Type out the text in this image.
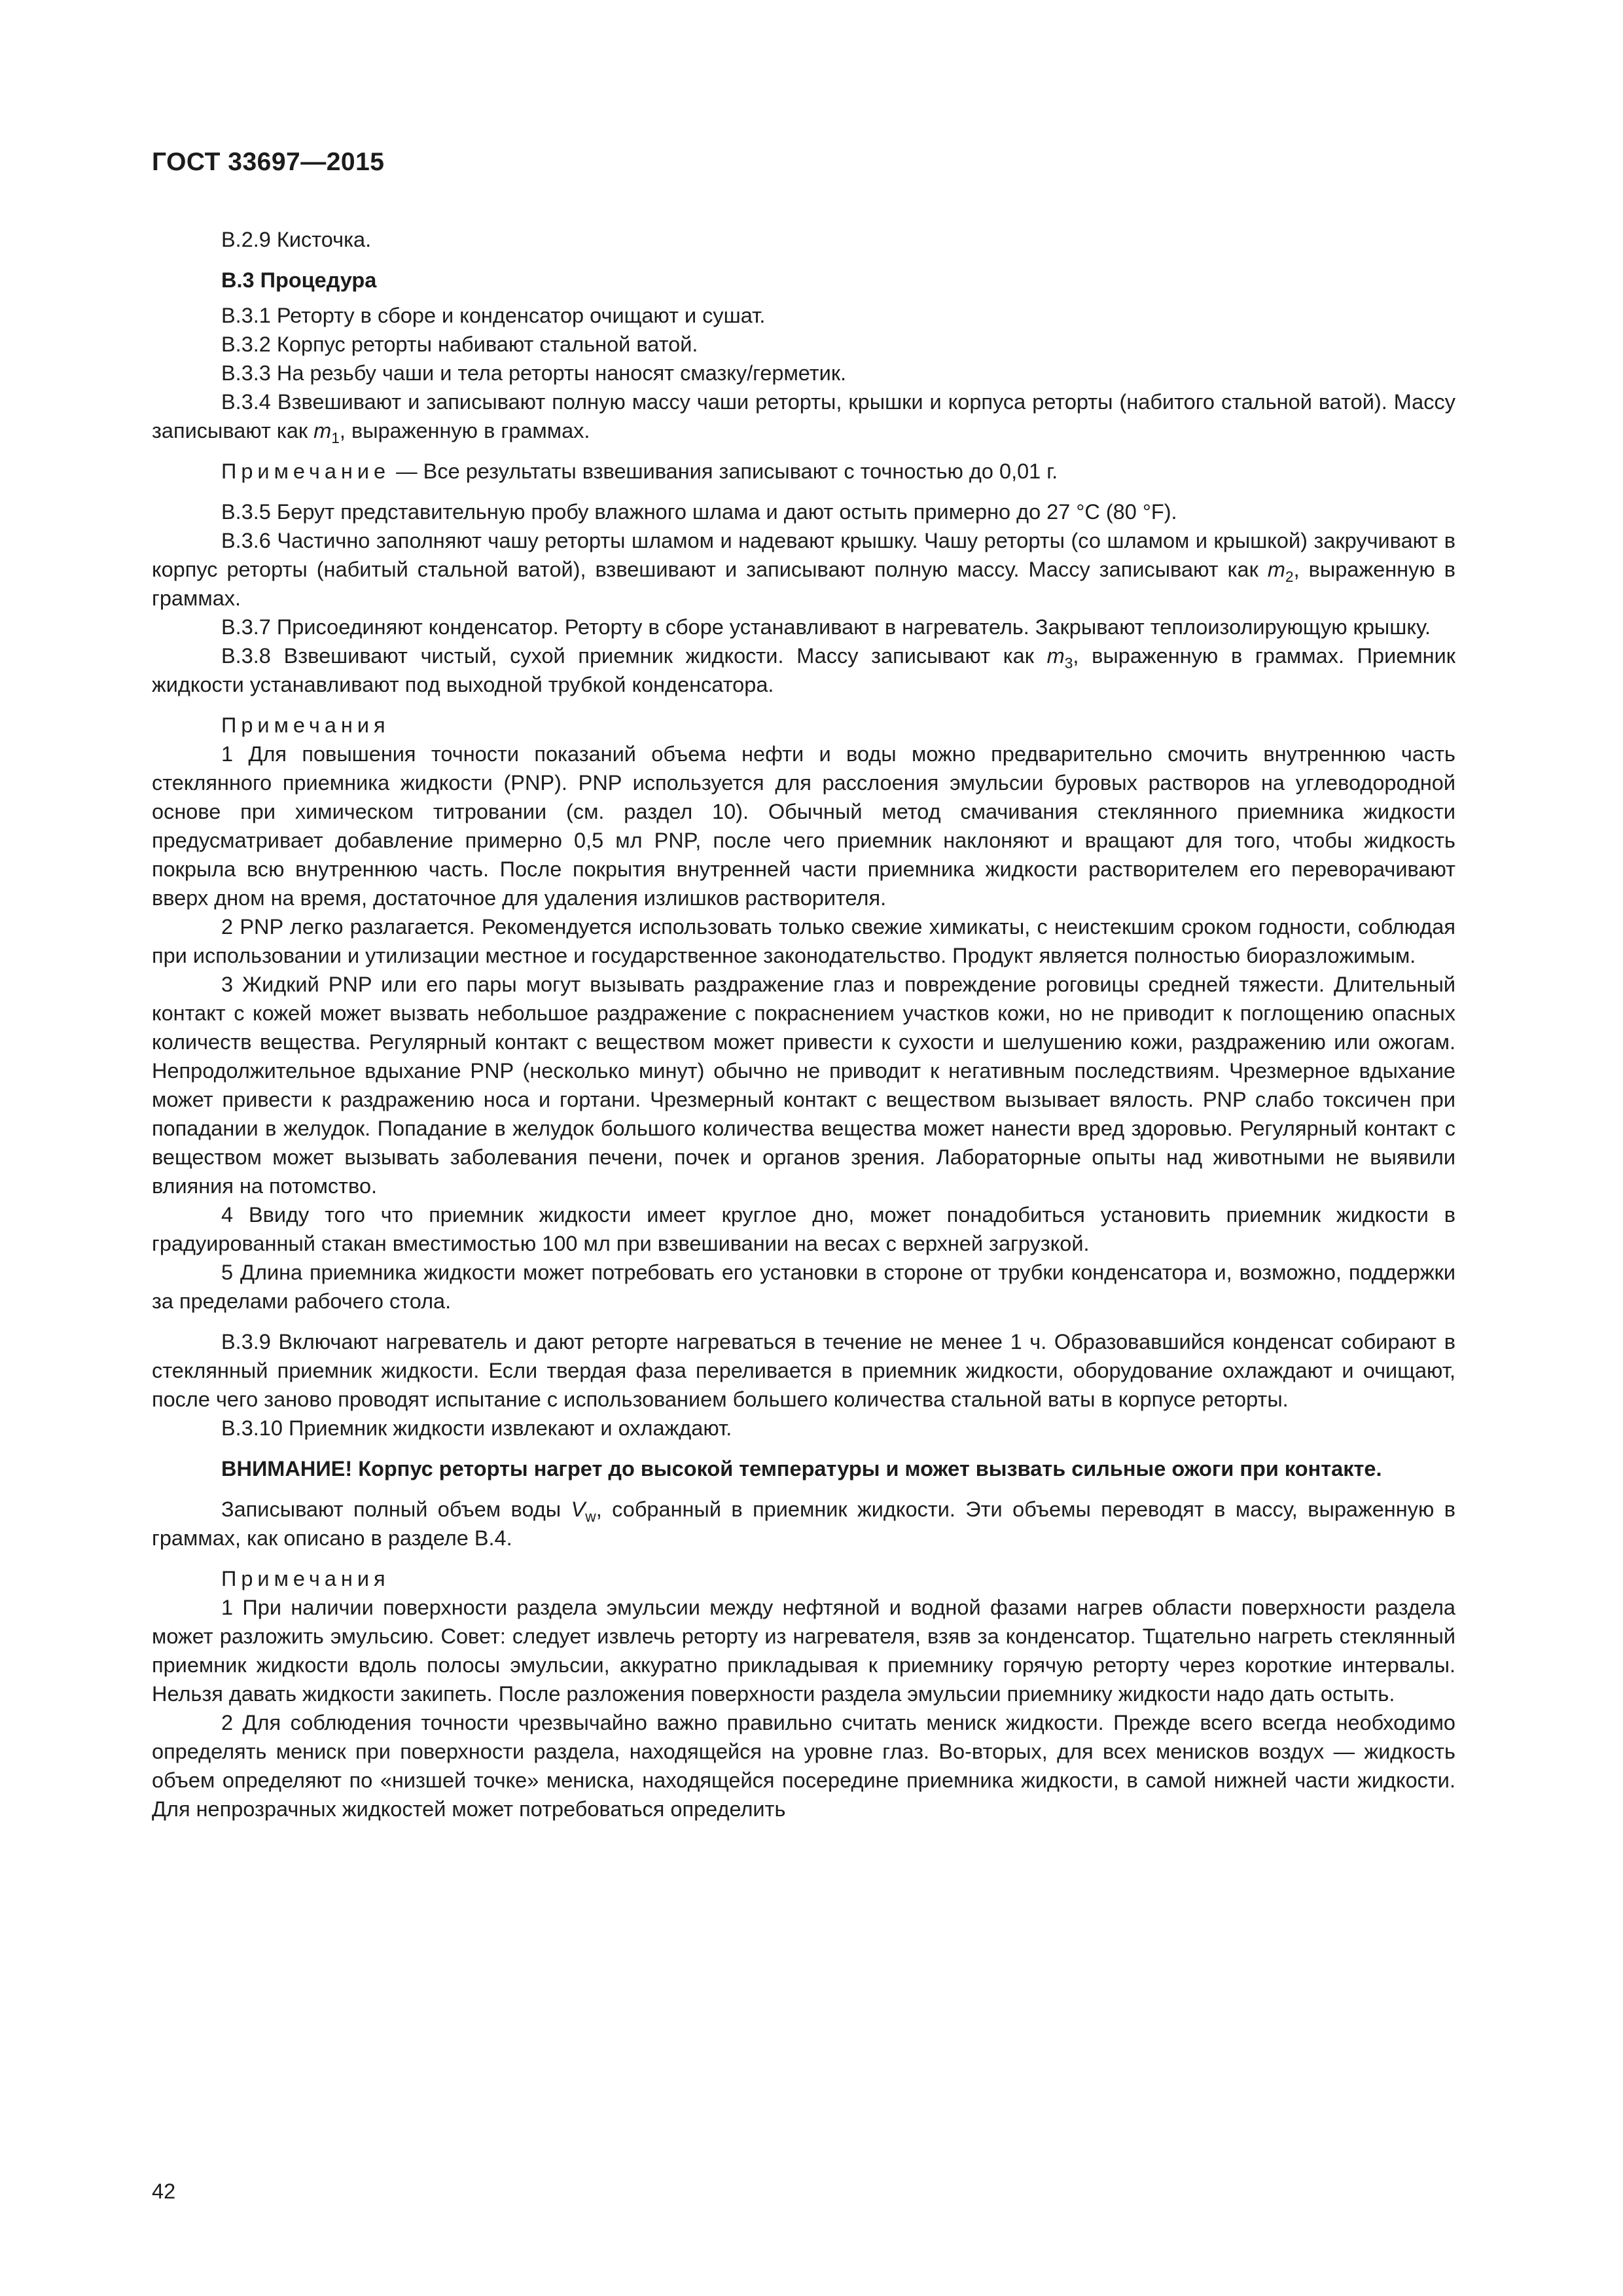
ГОСТ 33697—2015

В.2.9 Кисточка.

В.3 Процедура

В.3.1 Реторту в сборе и конденсатор очищают и сушат.

В.3.2 Корпус реторты набивают стальной ватой.

В.3.3 На резьбу чаши и тела реторты наносят смазку/герметик.

В.3.4 Взвешивают и записывают полную массу чаши реторты, крышки и корпуса реторты (набитого стальной ватой). Массу записывают как $m_1$, выраженную в граммах.

Примечание — Все результаты взвешивания записывают с точностью до 0,01 г.

В.3.5 Берут представительную пробу влажного шлама и дают остыть примерно до 27 °С (80 °F).

В.3.6 Частично заполняют чашу реторты шламом и надевают крышку. Чашу реторты (со шламом и крышкой) закручивают в корпус реторты (набитый стальной ватой), взвешивают и записывают полную массу. Массу записывают как $m_2$, выраженную в граммах.

В.3.7 Присоединяют конденсатор. Реторту в сборе устанавливают в нагреватель. Закрывают теплоизолирующую крышку.

В.3.8 Взвешивают чистый, сухой приемник жидкости. Массу записывают как $m_3$, выраженную в граммах. Приемник жидкости устанавливают под выходной трубкой конденсатора.

Примечания

1 Для повышения точности показаний объема нефти и воды можно предварительно смочить внутреннюю часть стеклянного приемника жидкости (PNP). PNP используется для расслоения эмульсии буровых растворов на углеводородной основе при химическом титровании (см. раздел 10). Обычный метод смачивания стеклянного приемника жидкости предусматривает добавление примерно 0,5 мл PNP, после чего приемник наклоняют и вращают для того, чтобы жидкость покрыла всю внутреннюю часть. После покрытия внутренней части приемника жидкости растворителем его переворачивают вверх дном на время, достаточное для удаления излишков растворителя.

2 PNP легко разлагается. Рекомендуется использовать только свежие химикаты, с неистекшим сроком годности, соблюдая при использовании и утилизации местное и государственное законодательство. Продукт является полностью биоразложимым.

3 Жидкий PNP или его пары могут вызывать раздражение глаз и повреждение роговицы средней тяжести. Длительный контакт с кожей может вызвать небольшое раздражение с покраснением участков кожи, но не приводит к поглощению опасных количеств вещества. Регулярный контакт с веществом может привести к сухости и шелушению кожи, раздражению или ожогам. Непродолжительное вдыхание PNP (несколько минут) обычно не приводит к негативным последствиям. Чрезмерное вдыхание может привести к раздражению носа и гортани. Чрезмерный контакт с веществом вызывает вялость. PNP слабо токсичен при попадании в желудок. Попадание в желудок большого количества вещества может нанести вред здоровью. Регулярный контакт с веществом может вызывать заболевания печени, почек и органов зрения. Лабораторные опыты над животными не выявили влияния на потомство.

4 Ввиду того что приемник жидкости имеет круглое дно, может понадобиться установить приемник жидкости в градуированный стакан вместимостью 100 мл при взвешивании на весах с верхней загрузкой.

5 Длина приемника жидкости может потребовать его установки в стороне от трубки конденсатора и, возможно, поддержки за пределами рабочего стола.

В.3.9 Включают нагреватель и дают реторте нагреваться в течение не менее 1 ч. Образовавшийся конденсат собирают в стеклянный приемник жидкости. Если твердая фаза переливается в приемник жидкости, оборудование охлаждают и очищают, после чего заново проводят испытание с использованием большего количества стальной ваты в корпусе реторты.

В.3.10 Приемник жидкости извлекают и охлаждают.

ВНИМАНИЕ! Корпус реторты нагрет до высокой температуры и может вызвать сильные ожоги при контакте.

Записывают полный объем воды $V_w$, собранный в приемник жидкости. Эти объемы переводят в массу, выраженную в граммах, как описано в разделе В.4.

Примечания

1 При наличии поверхности раздела эмульсии между нефтяной и водной фазами нагрев области поверхности раздела может разложить эмульсию. Совет: следует извлечь реторту из нагревателя, взяв за конденсатор. Тщательно нагреть стеклянный приемник жидкости вдоль полосы эмульсии, аккуратно прикладывая к приемнику горячую реторту через короткие интервалы. Нельзя давать жидкости закипеть. После разложения поверхности раздела эмульсии приемнику жидкости надо дать остыть.

2 Для соблюдения точности чрезвычайно важно правильно считать мениск жидкости. Прежде всего всегда необходимо определять мениск при поверхности раздела, находящейся на уровне глаз. Во-вторых, для всех менисков воздух — жидкость объем определяют по «низшей точке» мениска, находящейся посередине приемника жидкости, в самой нижней части жидкости. Для непрозрачных жидкостей может потребоваться определить

42
